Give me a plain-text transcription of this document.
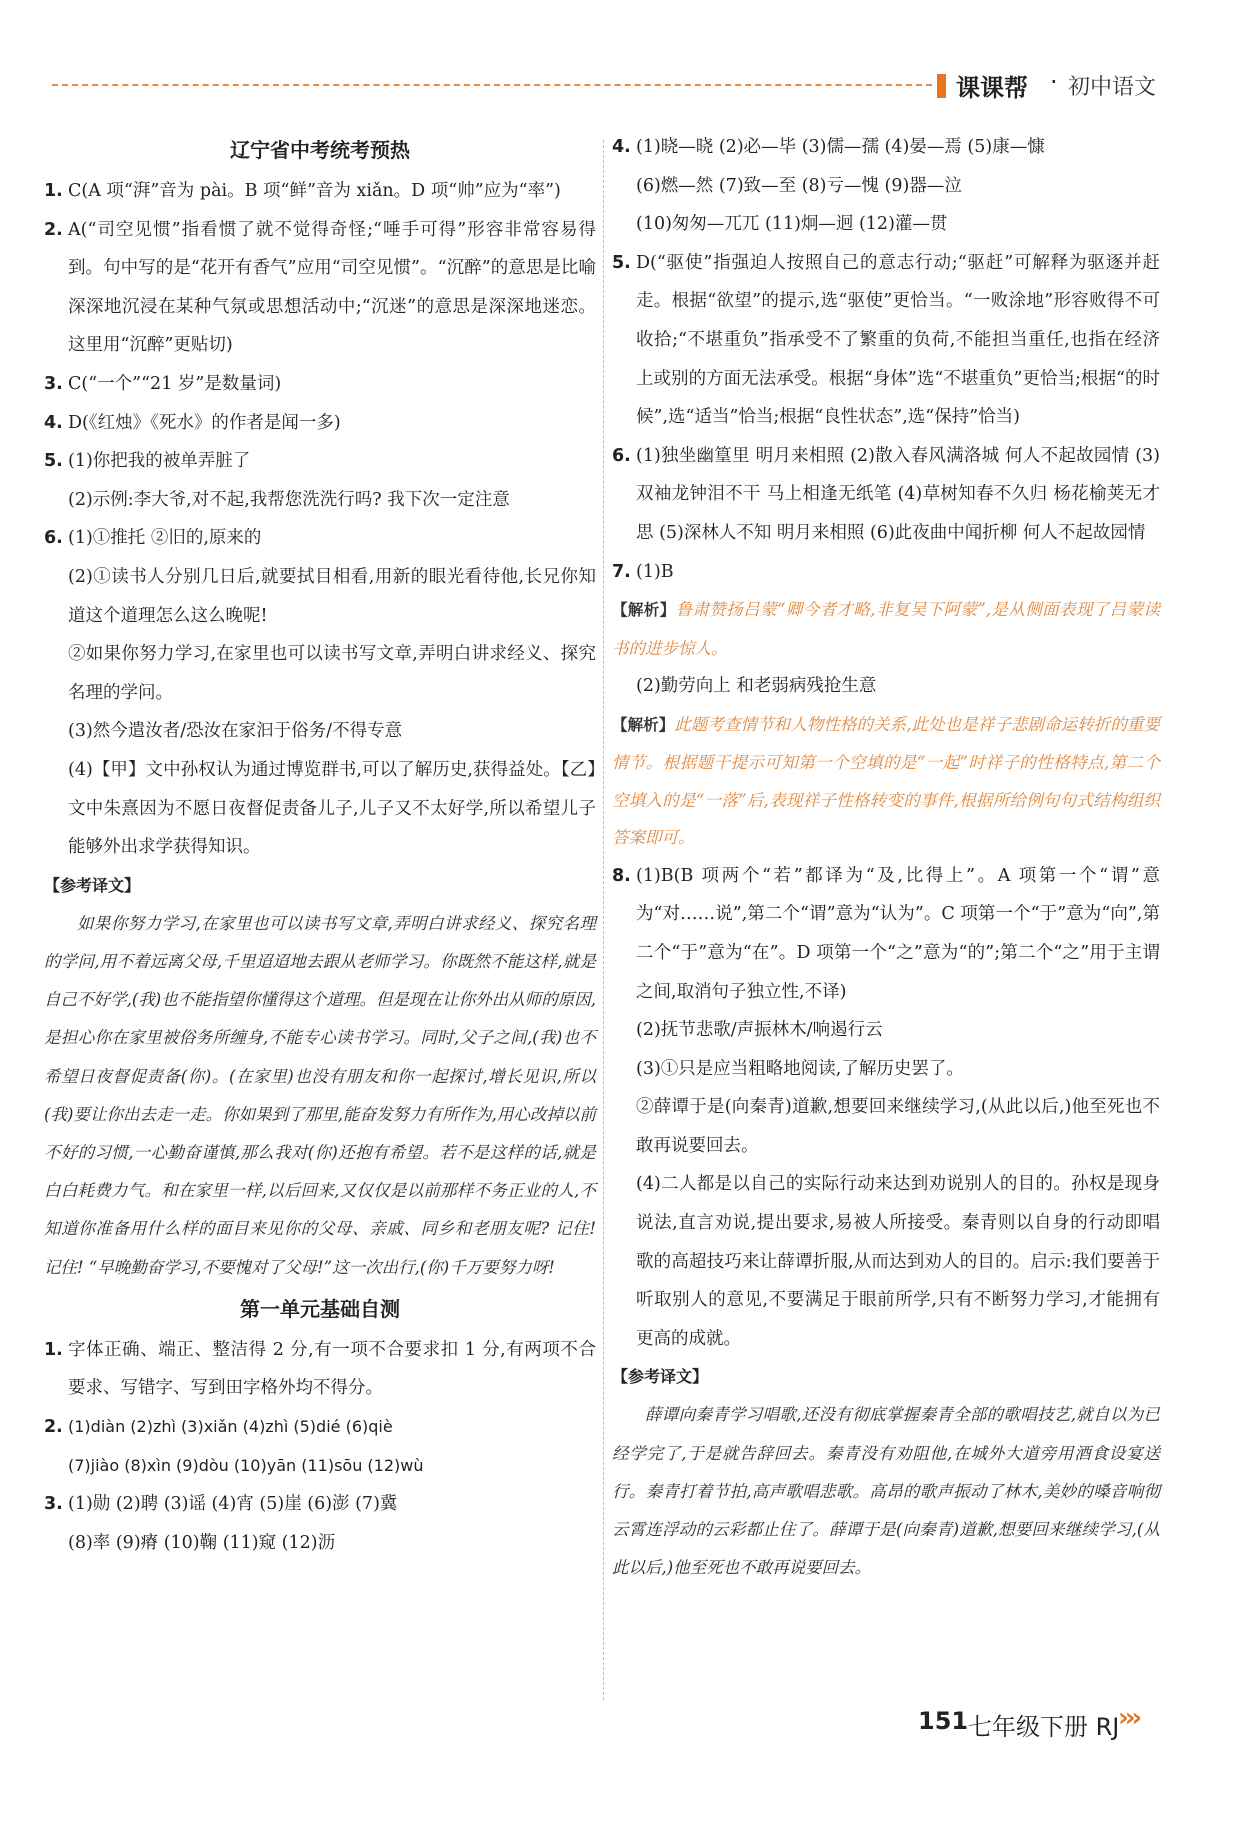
课课帮 · 初中语文
辽宁省中考统考预热
1. C(A 项“湃”音为 pài。B 项“鲜”音为 xiǎn。D 项“帅”应为“率”)
2. A(“司空见惯”指看惯了就不觉得奇怪;“唾手可得”形容非常容易得到。句中写的是“花开有香气”应用“司空见惯”。“沉醉”的意思是比喻深深地沉浸在某种气氛或思想活动中;“沉迷”的意思是深深地迷恋。这里用“沉醉”更贴切)
3. C(“一个”“21 岁”是数量词)
4. D(《红烛》《死水》的作者是闻一多)
5. (1)你把我的被单弄脏了
(2)示例:李大爷,对不起,我帮您洗洗行吗? 我下次一定注意
6. (1)①推托 ②旧的,原来的
(2)①读书人分别几日后,就要拭目相看,用新的眼光看待他,长兄你知道这个道理怎么这么晚呢!
②如果你努力学习,在家里也可以读书写文章,弄明白讲求经义、探究名理的学问。
(3)然今遣汝者/恐汝在家汩于俗务/不得专意
(4)【甲】文中孙权认为通过博览群书,可以了解历史,获得益处。【乙】文中朱熹因为不愿日夜督促责备儿子,儿子又不太好学,所以希望儿子能够外出求学获得知识。
【参考译文】
如果你努力学习,在家里也可以读书写文章,弄明白讲求经义、探究名理的学问,用不着远离父母,千里迢迢地去跟从老师学习。你既然不能这样,就是自己不好学,(我)也不能指望你懂得这个道理。但是现在让你外出从师的原因,是担心你在家里被俗务所缠身,不能专心读书学习。同时,父子之间,(我)也不希望日夜督促责备(你)。(在家里)也没有朋友和你一起探讨,增长见识,所以(我)要让你出去走一走。你如果到了那里,能奋发努力有所作为,用心改掉以前不好的习惯,一心勤奋谨慎,那么我对(你)还抱有希望。若不是这样的话,就是白白耗费力气。和在家里一样,以后回来,又仅仅是以前那样不务正业的人,不知道你准备用什么样的面目来见你的父母、亲戚、同乡和老朋友呢? 记住! 记住! “早晚勤奋学习,不要愧对了父母!”这一次出行,(你)千万要努力呀!
第一单元基础自测
1. 字体正确、端正、整洁得 2 分,有一项不合要求扣 1 分,有两项不合要求、写错字、写到田字格外均不得分。
2. (1)diàn (2)zhì (3)xiǎn (4)zhì (5)dié (6)qiè
(7)jiào (8)xìn (9)dòu (10)yān (11)sōu (12)wù
3. (1)勋 (2)聘 (3)谣 (4)宵 (5)崖 (6)澎 (7)冀
(8)率 (9)瘠 (10)鞠 (11)窥 (12)沥
4. (1)晓—晓 (2)必—毕 (3)儒—孺 (4)晏—焉 (5)康—慷
(6)燃—然 (7)致—至 (8)亏—愧 (9)器—泣
(10)匆匆—兀兀 (11)炯—迥 (12)灌—贯
5. D(“驱使”指强迫人按照自己的意志行动;“驱赶”可解释为驱逐并赶走。根据“欲望”的提示,选“驱使”更恰当。“一败涂地”形容败得不可收拾;“不堪重负”指承受不了繁重的负荷,不能担当重任,也指在经济上或别的方面无法承受。根据“身体”选“不堪重负”更恰当;根据“的时候”,选“适当”恰当;根据“良性状态”,选“保持”恰当)
6. (1)独坐幽篁里 明月来相照 (2)散入春风满洛城 何人不起故园情 (3)双袖龙钟泪不干 马上相逢无纸笔 (4)草树知春不久归 杨花榆荚无才思 (5)深林人不知 明月来相照 (6)此夜曲中闻折柳 何人不起故园情
7. (1)B
【解析】鲁肃赞扬吕蒙“卿今者才略,非复吴下阿蒙”,是从侧面表现了吕蒙读书的进步惊人。
(2)勤劳向上 和老弱病残抢生意
【解析】此题考查情节和人物性格的关系,此处也是祥子悲剧命运转折的重要情节。根据题干提示可知第一个空填的是“一起”时祥子的性格特点,第二个空填入的是“一落”后,表现祥子性格转变的事件,根据所给例句句式结构组织答案即可。
8. (1)B(B 项两个“若”都译为“及,比得上”。A 项第一个“谓”意为“对……说”,第二个“谓”意为“认为”。C 项第一个“于”意为“向”,第二个“于”意为“在”。D 项第一个“之”意为“的”;第二个“之”用于主谓之间,取消句子独立性,不译)
(2)抚节悲歌/声振林木/响遏行云
(3)①只是应当粗略地阅读,了解历史罢了。
②薛谭于是(向秦青)道歉,想要回来继续学习,(从此以后,)他至死也不敢再说要回去。
(4)二人都是以自己的实际行动来达到劝说别人的目的。孙权是现身说法,直言劝说,提出要求,易被人所接受。秦青则以自身的行动即唱歌的高超技巧来让薛谭折服,从而达到劝人的目的。启示:我们要善于听取别人的意见,不要满足于眼前所学,只有不断努力学习,才能拥有更高的成就。
【参考译文】
薛谭向秦青学习唱歌,还没有彻底掌握秦青全部的歌唱技艺,就自以为已经学完了,于是就告辞回去。秦青没有劝阻他,在城外大道旁用酒食设宴送行。秦青打着节拍,高声歌唱悲歌。高昂的歌声振动了林木,美妙的嗓音响彻云霄连浮动的云彩都止住了。薛谭于是(向秦青)道歉,想要回来继续学习,(从此以后,)他至死也不敢再说要回去。
151 七年级下册 RJ
›››
